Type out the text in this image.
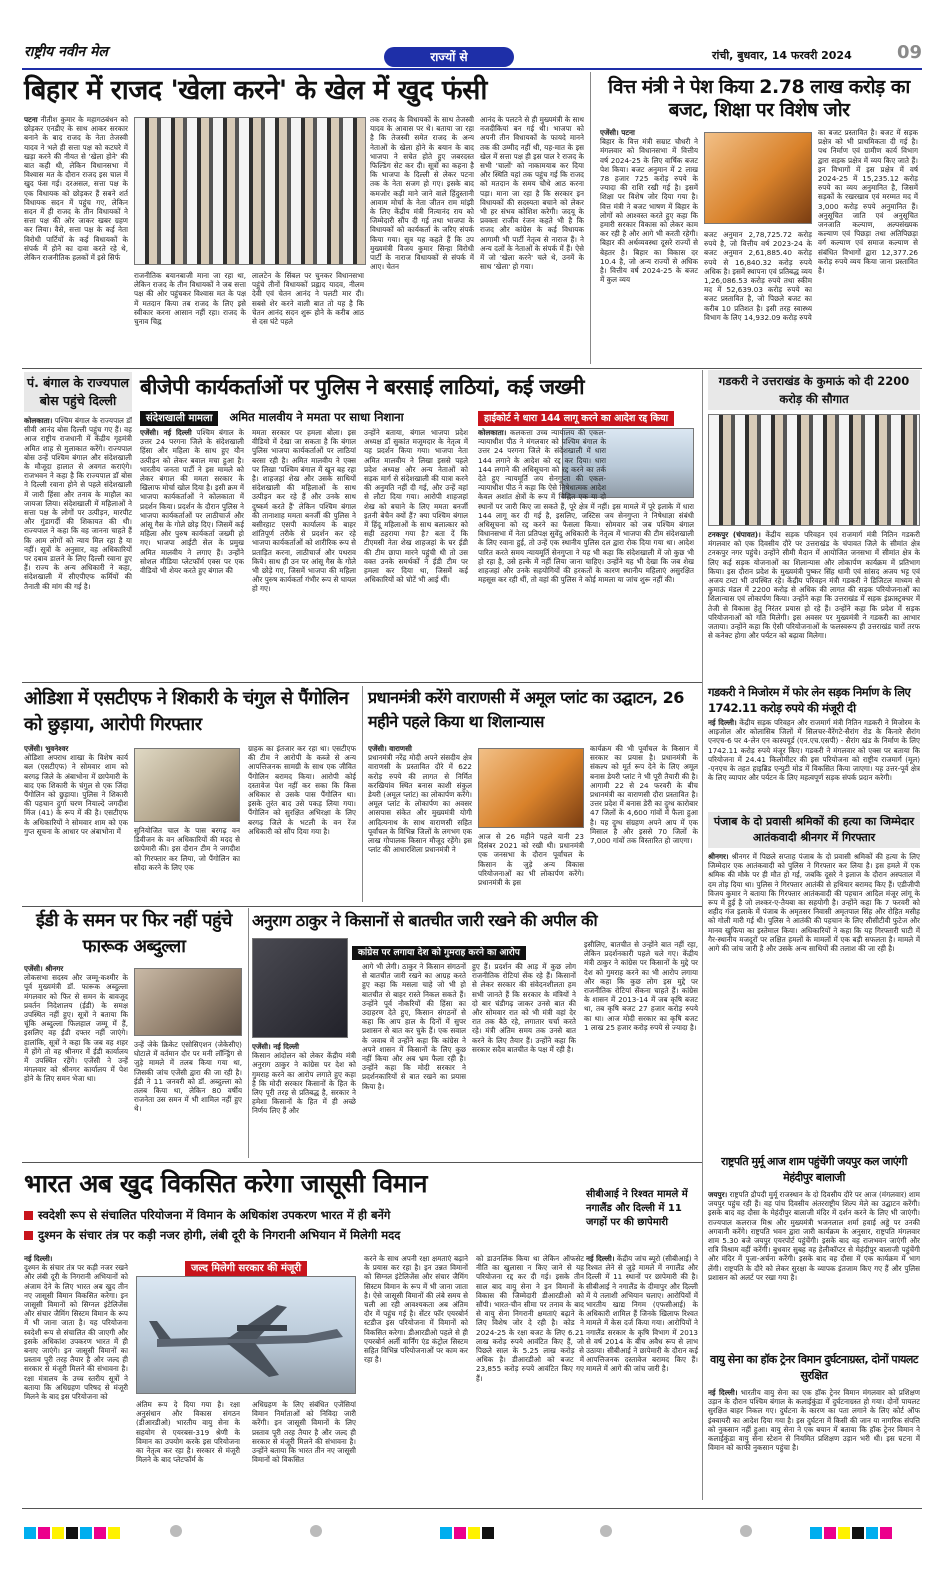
राष्ट्रीय नवीन मेल	राज्यों से	रांची, बुधवार, 14 फरवरी 2024	09
बिहार में राजद 'खेला करने' के खेल में खुद फंसी
पटना नीतीश कुमार के महागठबंधन को छोड़कर एनडीए के साथ आकर सरकार बनाने के बाद राजद के नेता तेजस्वी यादव ने भले ही सत्ता पक्ष को कटघरे में खड़ा करने की नीयत से 'खेला होने' की बात कही थी, लेकिन विधानसभा में विश्वास मत के दौरान राजद इस चाल में खुद फंस गई। दरअसल, सत्ता पक्ष के एक विधायक को छोड़कर हैं सबने शर्त विधायक सदन में पहुंच गए, लेकिन सदन में ही राजद के तीन विधायकों ने सत्ता पक्ष की ओर जाकर खबर ग्रहण कर लिया। वैसे, सत्ता पक्ष के कई नेता विरोधी पार्टियों के कई विधायकों के संपर्क में होने का दावा करते रहे थे, लेकिन राजनीतिक हलकों में इसे सिर्फ
राजनीतिक बयानबाजी माना जा रहा था, लेकिन राजद के तीन विधायकों ने जब सत्ता पक्ष की ओर पहुंचकर विश्वास मत के पक्ष में मतदान किया तब राजद के लिए इसे स्वीकार करना आसान नहीं रहा। राजद के चुनाव चिह्न
लालटेन के सिंबल पर चुनकर विधानसभा पहुंचे तीनों विधायकों प्रह्लाद यादव, नीलम देवी एवं चेतन आनंद ने पलटी मार दी। सबसे शेर करने वाली बात तो यह है कि चेतन आनंद सदन शुरू होने के करीब आठ से दस घंटे पहले
तक राजद के विधायकों के साथ तेजस्वी यादव के आवास पर थे। बताया जा रहा है कि तेजस्वी समेत राजद के अन्य नेताओं के खेला होने के बयान के बाद भाजपा ने सचेत होते हुए जबरदस्त फिल्डिंग सेट कर दी। सूत्रों का कहना है कि भाजपा के दिल्ली से लेकर पटना तक के नेता सजग हो गए। इसके बाद कमजोर कड़ी माने जाने वाले हिंदुस्तानी आवाम मोर्चा के नेता जीतन राम मांझी के लिए केंद्रीय मंत्री नित्यानंद राय को जिम्मेदारी सौंप दी गई तथा भाजपा के विधायकों को कार्यकर्ता के जरिए संपर्क किया गया। सूत्र यह कहते हैं कि उप मुख्यमंत्री विजय कुमार सिन्हा विरोधी पार्टी के नाराज विधायकों से संपर्क में आए। चेतन
आनंद के पलटने से ही मुख्यमंत्री के साथ नजदीकियां बन गई थी। भाजपा को अपनी तीन विधायकों के फायदे मानने तक की उम्मीद नहीं थी, यह-मात के इस खेल में सत्ता पक्ष ही इस पाल रे राजद के सभी 'चालों' को नाकामयाब कर दिया और स्थिति यहां तक पहुंच गई कि राजद को मतदान के समय चौथे आठ करना पड़ा। माना जा रहा है कि सरकार इन विधायकों की सदस्यता बचाने को लेकर भी हर संभव कोशिश करेगी। जदयू के प्रवक्ता राजीव रंजन कहते भी है कि राजद और कांग्रेस के कई विधायक आगामी भी पार्टी नेतृत्व से नाराज हैं। ने अन्य दलों के नेताओं के संपर्क में हैं। ऐसे में जो 'खेला करने' चले थे, उनमें के साथ 'खेला' हो गया।
वित्त मंत्री ने पेश किया 2.78 लाख करोड़ का बजट, शिक्षा पर विशेष जोर
एजेंसी। पटना
बिहार के वित्त मंत्री सम्राट चौधरी ने मंगलवार को विधानसभा में वित्तीय वर्ष 2024-25 के लिए वार्षिक बजट पेश किया। बजट अनुमान में 2 लाख 78 हजार 725 करोड़ रुपये के ज्यादा की राशि रखी गई है। इसमें शिक्षा पर विशेष जोर दिया गया है। वित्त मंत्री ने बजट भाषण में बिहार के लोगों को आश्वस्त करते हुए कहा कि हमारी सरकार विकास को लेकर काम कर रही है और आगे भी करती रहेगी। बिहार की अर्थव्यवस्था दूसरे राज्यों से बेहतर है। बिहार का विकास दर 10.4 है, जो अन्य राज्यों से अधिक है। वित्तीय वर्ष 2024-25 के बजट में कुल व्यय
बजट अनुमान 2,78,725.72 करोड़ रुपये है, जो वित्तीय वर्ष 2023-24 के बजट अनुमान 2,61,885.40 करोड़ रुपये से 16,840.32 करोड़ रुपये अधिक है। इसमें स्थापना एवं प्रतिबद्ध व्यय 1,26,086.53 करोड़ रुपये तथा स्कीम मद में 52,639.03 करोड़ रुपये का बजट प्रस्तावित है, जो पिछले बजट का करीब 10 प्रतिशत है। इसी तरह स्वास्थ्य विभाग के लिए 14,932.09 करोड़ रुपये
का बजट प्रस्तावित है। बजट में सड़क प्रक्षेत्र को भी प्राथमिकता दी गई है। पथ निर्माण एवं ग्रामीण कार्य विभाग द्वारा सड़क प्रक्षेत्र में व्यय किए जाते हैं। इन विभागों में इस प्रक्षेत्र में वर्ष 2024-25 में 15,235.12 करोड़ रुपये का व्यय अनुमानित है, जिसमें सड़कों के रखरखाव एवं मरम्मत मद में 3,000 करोड़ रुपये अनुमानित हैं। अनुसूचित जाति एवं अनुसूचित जनजाति कल्याण, अल्पसंख्यक कल्याण एवं पिछड़ा तथा अतिपिछड़ा वर्ग कल्याण एवं समाज कल्याण से संबंधित विभागों द्वारा 12,377.26 करोड़ रुपये व्यय किया जाना प्रस्तावित है।
पं. बंगाल के राज्यपाल बोस पहुंचे दिल्ली
कोलकाता। पश्चिम बंगाल के राज्यपाल डॉ सीवी आनंद बोस दिल्ली पहुंच गए हैं। वह आज राष्ट्रीय राजधानी में केंद्रीय गृहमंत्री अमित शाह से मुलाकात करेंगे। राज्यपाल बोस उन्हें पश्चिम बंगाल और संदेशखाली के मौजूदा हालात से अवगत कराएंगे। राजभवन ने कहा है कि राज्यपाल डॉ बोस ने दिल्ली रवाना होने से पहले संदेशखाली में जारी हिंसा और तनाव के माहौल का जायजा लिया। संदेशखाली में महिलाओं ने सत्ता पक्ष के लोगों पर उत्पीड़न, मारपीट और गुंडागर्दी की शिकायत की थी। राज्यपाल ने कहा कि वह जानना चाहते हैं कि आम लोगों को न्याय मिल रहा है या नहीं। सूत्रों के अनुसार, वह अधिकारियों पर दबाव डालने के लिए दिल्ली रवाना हुए हैं। राज्य के अन्य अधिकारी ने कहा, संदेशखाली में सीएपीएफ कर्मियों की तैनाती की मांग की गई है।
बीजेपी कार्यकर्ताओं पर पुलिस ने बरसाई लाठियां, कई जख्मी
संदेशखाली मामला अमित मालवीय ने ममता पर साधा निशाना
एजेंसी। नई दिल्ली पश्चिम बंगाल के उत्तर 24 परगना जिले के संदेशखाली हिंसा और महिला के साथ हुए यौन उत्पीड़न को लेकर बवाल मचा हुआ है। भारतीय जनता पार्टी ने इस मामले को लेकर बंगाल की ममता सरकार के खिलाफ मोर्चा खोल दिया है। इसी क्रम में भाजपा कार्यकर्ताओं ने कोलकाता में प्रदर्शन किया। प्रदर्शन के दौरान पुलिस ने भाजपा कार्यकर्ताओं पर लाठीचार्ज और आंसू गैस के गोले छोड़ दिए। जिसमें कई महिला और पुरुष कार्यकर्ता जख्मी हो गए। भाजपा आईटी सेल के प्रमुख अमित मालवीय ने लगाए हैं। उन्होंने सोशल मीडिया प्लेटफॉर्म एक्स पर एक वीडियो भी शेयर करते हुए बंगाल की
ममता सरकार पर हमला बोला। इस वीडियो में देखा जा सकता है कि बंगाल पुलिस भाजपा कार्यकर्ताओं पर लाठियां बरसा रही है। अमित मालवीय ने एक्स पर लिखा 'पश्चिम बंगाल में खून बह रहा है। शाहजहां शेख और उसके साथियों संदेशखाली की महिलाओं के साथ उत्पीड़न कर रहे हैं और उनके साथ दुष्कर्म करते हैं' लेकिन पश्चिम बंगाल की तानाशाह ममता बनर्जी की पुलिस ने बसीरहाट एसपी कार्यालय के बाहर शांतिपूर्ण तरीके से प्रदर्शन कर रहे भाजपा कार्यकर्ताओं को शारीरिक रूप से प्रताड़ित करना, लाठीचार्ज और पथराव किये। साथ ही उन पर आंसू गैस के गोले भी छोड़े गए, जिसमें भाजपा की महिला और पुरुष कार्यकर्ता गंभीर रूप से घायल हो गए।
उन्होंने बताया, बंगाल भाजपा प्रदेश अध्यक्ष डॉ सुकांत मजूमदार के नेतृत्व में यह प्रदर्शन किया गया। भाजपा नेता अमित मालवीय ने लिखा इससे पहले प्रदेश अध्यक्ष और अन्य नेताओं को सड़क मार्ग से संदेशखाली की यात्रा करने की अनुमति नहीं दी गई, और उन्हें वहां से लौटा दिया गया। आरोपी शाहजहां शेख को बचाने के लिए ममता बनर्जी इतनी बेचैन क्यों हैं? क्या पश्चिम बंगाल में हिंदू महिलाओं के साथ बलात्कार को सही ठहराया गया है? बता दें कि टीएमसी नेता शेख शाहजहां के घर ईडी की टीम छापा मारने पहुंची थी तो उस वक्त उनके समर्थकों ने ईडी टीम पर हमला कर दिया था, जिसमें कई अधिकारियों को चोटें भी आई थीं।
हाईकोर्ट ने धारा 144 लागू करने का आदेश रद्द किया
कोलकाता। कलकत्ता उच्च न्यायालय की एकल-न्यायाधीश पीठ ने मंगलवार को पश्चिम बंगाल के उत्तर 24 परगना जिले के संदेशखाली में धारा 144 लगाने के आदेश को रद्द कर दिया। धारा 144 लगाने की अधिसूचना को रद्द करने का तर्क देते हुए न्यायमूर्ति जय सेनगुप्ता की एकल-न्यायाधीश पीठ ने कहा कि ऐसे निषेधात्मक आदेश केवल अशांत क्षेत्रों के रूप में चिह्नित एक या दो स्थानों पर जारी किए जा सकते हैं, पूरे क्षेत्र में नहीं। इस मामले में पूरे इलाके में धारा 144 लागू कर दी गई है, इसलिए, जस्टिस जय सेनगुप्ता ने निषेधाज्ञा संबंधी अधिसूचना को रद्द करने का फैसला किया। सोमवार को जब पश्चिम बंगाल विधानसभा में नेता प्रतिपक्ष सुवेंदु अधिकारी के नेतृत्व में भाजपा की टीम संदेशखाली के लिए रवाना हुई, तो उन्हें एक स्थानीय पुलिस दल द्वारा रोक दिया गया था। आदेश पारित करते समय न्यायमूर्ति सेनगुप्ता ने यह भी कहा कि संदेशखाली में जो कुछ भी हो रहा है, उसे हल्के में नहीं लिया जाना चाहिए। उन्होंने यह भी देखा कि जब शेख शाहजहां और उनके सहयोगियों की हरकतों के कारण स्थानीय महिलाएं असुरक्षित महसूस कर रही थीं, तो वहां की पुलिस ने कोई मामला या जांच शुरू नहीं की।
गडकरी ने उत्तराखंड के कुमाऊं को दी 2200 करोड़ की सौगात
टनकपुर (चंपावत)। केंद्रीय सड़क परिवहन एवं राजमार्ग मंत्री नितिन गडकरी मंगलवार को एक दिवसीय दौरे पर उत्तराखंड के चंपावत जिले के सीमांत क्षेत्र टनकपुर नगर पहुंचे। उन्होंने सीमी मैदान में आयोजित जनसभा में सीमांत क्षेत्र के लिए कई सड़क योजनाओं का शिलान्यास और लोकार्पण कार्यक्रम में प्रतिभाग किया। इस दौरान प्रदेश के मुख्यमंत्री पुष्कर सिंह धामी एवं सांसद अजय भट्ट एवं अजय टम्टा भी उपस्थित रहे। केंद्रीय परिवहन मंत्री गडकरी ने डिजिटल माध्यम से कुमाऊं मंडल में 2200 करोड़ से अधिक की लागत की सड़क परियोजनाओं का शिलान्यास एवं लोकार्पण किया। उन्होंने कहा कि उत्तराखंड में सड़क इंफ्रास्ट्रक्चर में तेजी से विकास हेतु निरंतर प्रयास हो रहे हैं। उन्होंने कहा कि प्रदेश में सड़क परियोजनाओं को गति मिलेगी। इस अवसर पर मुख्यमंत्री ने गडकरी का आभार जताया। उन्होंने कहा कि ऐसी परियोजनाओं के फलस्वरूप ही उत्तराखंड चारों तरफ से कनेक्ट होगा और पर्यटन को बढ़ावा मिलेगा।
ओडिशा में एसटीएफ ने शिकारी के चंगुल से पैंगोलिन को छुड़ाया, आरोपी गिरफ्तार
एजेंसी। भुवनेश्वर
ओडिशा अपराध शाखा के विशेष कार्य बल (एसटीएफ) ने सोमवार शाम को बरगढ़ जिले के अंबाभोना में छापेमारी के बाद एक शिकारी के चंगुल से एक जिंदा पैंगोलिन को छुड़ाया। पुलिस ने शिकारी की पहचान दुर्गा चरण नियाल्दे जगदीश मिंज (41) के रूप में की है। एसटीएफ के अधिकारियों ने सोमवार शाम को एक गुप्त सूचना के आधार पर अंबाभोना में	सुनियोजित चाल के पास बरगढ़ वन डिवीजन के वन अधिकारियों की मदद से छापेमारी की। इस दौरान टीम ने जगदीश को गिरफ्तार कर लिया, जो पैंगोलिन का सौदा करने के लिए एक
ग्राहक का इंतजार कर रहा था। एसटीएफ की टीम ने आरोपी के कब्जे से अन्य आपत्तिजनक सामग्री के साथ एक जीवित पैंगोलिन बरामद किया। आरोपी कोई दस्तावेज पेश नहीं कर सका कि किस अधिकार से उसके पास पैंगोलिन था। इसके तुरंत बाद उसे पकड़ लिया गया। पैंगोलिन को सुरक्षित अभिरक्षा के लिए बरगढ़ जिले के भटली के वन रेंज अधिकारी को सौंप दिया गया है।
प्रधानमंत्री करेंगे वाराणसी में अमूल प्लांट का उद्घाटन, 26 महीने पहले किया था शिलान्यास
एजेंसी। वाराणसी
प्रधानमंत्री नरेंद्र मोदी अपने संसदीय क्षेत्र वाराणसी के प्रस्तावित दौरे में 622 करोड़ रुपये की लागत से निर्मित करखियांव स्थित बनास काशी संकुल डेयरी (अमूल प्लांट) का लोकार्पण करेंगे। अमूल प्लांट के लोकार्पण का अवसर आसपास संकेत और मुख्यमंत्री योगी आदित्यनाथ के साथ वाराणसी सहित पूर्वांचल के विभिन्न जिलों के लगभग एक लाख गोपालक किसान मौजूद रहेंगे। इस प्लांट की आधारशिला प्रधानमंत्री ने
आज से 26 महीने पहले यानी 23 दिसंबर 2021 को रखी थी। प्रधानमंत्री एक जनसभा के दौरान पूर्वांचल के किसान के जुड़े अन्य विकास परियोजनाओं का भी लोकार्पण करेंगे। प्रधानमंत्री के इस
कार्यक्रम की भी पूर्वांचल के किसान में सरकार का प्रयास है। प्रधानमंत्री के संकल्प को मूर्त रूप देने के लिए अमूल बनास डेयरी प्लांट ने भी पूरी तैयारी की है। आगामी 22 से 24 फरवरी के बीच प्रधानमंत्री का वाराणसी दौरा प्रस्तावित है। उत्तर प्रदेश में बनास डेरी का दुग्ध कारोबार 47 जिलों के 4,600 गांवों में फैला हुआ है। यह दुग्ध संग्रहण अपने आप में एक मिसाल है और इससे 70 जिलों के 7,000 गांवों तक विस्तारित हो जाएगा।
गडकरी ने मिजोरम में फोर लेन सड़क निर्माण के लिए 1742.11 करोड़ रुपये की मंजूरी दी
नई दिल्ली। केंद्रीय सड़क परिवहन और राजमार्ग मंत्री नितिन गडकरी ने मिजोरम के आइजोल और कोलासिब जिलों में सिलचर-वैरेंगटे-सैरांग रोड के किनारे सैरांग एनएच-6 पर 4-लेन एन कास्पयूर्ड (एन.एच.एसपी) - सैरांग खंड के निर्माण के लिए 1742.11 करोड़ रुपये मंजूर किए। गडकरी ने मंगलवार को एक्स पर बताया कि परियोजना में 24.41 किलोमीटर की इस परियोजना को राष्ट्रीय राजमार्ग (मूल) -एनएच के तहत हाइब्रिड एन्युटी मोड में विकसित किया जाएगा। यह उत्तर-पूर्व क्षेत्र के लिए व्यापार और पर्यटन के लिए महत्वपूर्ण सड़क संपर्क प्रदान करेगी।
पंजाब के दो प्रवासी श्रमिकों की हत्या का जिम्मेदार आतंकवादी श्रीनगर में गिरफ्तार
श्रीनगर। श्रीनगर में पिछले सप्ताह पंजाब के दो प्रवासी श्रमिकों की हत्या के लिए जिम्मेदार एक आतंकवादी को पुलिस ने गिरफ्तार कर लिया है। इस हमले में एक श्रमिक की मौके पर ही मौत हो गई, जबकि दूसरे ने इलाज के दौरान अस्पताल में दम तोड़ दिया था। पुलिस ने गिरफ्तार आतंकी से हथियार बरामद किए हैं। एडीजीपी विजय कुमार ने बताया कि गिरफ्तार आतंकवादी की पहचान आदिल मंजूर लांगू के रूप में हुई है जो लश्कर-ए-तैयबा का सहयोगी है। उन्होंने कहा कि 7 फरवरी को शहीद गंज इलाके में पंजाब के अमृतसर निवासी अमृतपाल सिंह और रोहित मसीह को गोली मारी गई थी। पुलिस ने आतंकी की पहचान के लिए सीसीटीवी फुटेज और मानव खुफिया का इस्तेमाल किया। अधिकारियों ने कहा कि यह गिरफ्तारी घाटी में गैर-स्थानीय मजदूरों पर लक्षित हमलों के मामलों में एक बड़ी सफलता है। मामले में आगे की जांच जारी है और उसके अन्य साथियों की तलाश की जा रही है।
ईडी के समन पर फिर नहीं पहुंचे फारूक अब्दुल्ला
एजेंसी। श्रीनगर
लोकसभा सदस्य और जम्मू-कश्मीर के पूर्व मुख्यमंत्री डॉ. फारूक अब्दुल्ला मंगलवार को फिर से समन के बावजूद प्रवर्तन निदेशालय (ईडी) के समक्ष उपस्थित नहीं हुए। सूत्रों ने बताया कि चूंकि अब्दुल्ला फिलहाल जम्मू में हैं, इसलिए वह ईडी दफ्तर नहीं जाएंगे। हालांकि, सूत्रों ने कहा कि जब वह शहर में होंगे तो वह श्रीनगर में ईडी कार्यालय में उपस्थित रहेंगे। एजेंसी ने उन्हें मंगलवार को श्रीनगर कार्यालय में पेश होने के लिए समन भेजा था।
उन्हें जेके क्रिकेट एसोसिएशन (जेकेसीए) घोटाले में वर्तमान दौर पर मनी लॉन्ड्रिंग से जुड़े मामले में तलब किया गया था, जिसकी जांच एजेंसी द्वारा की जा रही है। ईडी ने 11 जनवरी को डॉ. अब्दुल्ला को तलब किया था, लेकिन 80 वर्षीय राजनेता उस समन में भी शामिल नहीं हुए थे।
अनुराग ठाकुर ने किसानों से बातचीत जारी रखने की अपील की
कांग्रेस पर लगाया देश को गुमराह करने का आरोप
एजेंसी। नई दिल्ली
किसान आंदोलन को लेकर केंद्रीय मंत्री अनुराग ठाकुर ने कांग्रेस पर देश को गुमराह करने का आरोप लगाते हुए कहा है कि मोदी सरकार किसानों के हित के लिए पूरी तरह से प्रतिबद्ध है, सरकार ने हमेशा किसानों के हित में ही अच्छे निर्णय लिए हैं और
आगे भी लेगी। ठाकुर ने किसान संगठनों से बातचीत जारी रखने का आग्रह करते हुए कहा कि मसला चाहे जो भी हो बातचीत से बाहर रास्ते निकल सकते हैं। उन्होंने पूर्व नौकरियों की हिंसा का उदाहरण देते हुए, किसान संगठनों से कहा कि आप हाल के दिनों में सुपर प्रशासन से बात कर चुके हैं। एक सवाल के जवाब में उन्होंने कहा कि कांग्रेस ने अपने शासन में किसानों के लिए कुछ नहीं किया और अब भ्रम फैला रही है। उन्होंने कहा कि मोदी सरकार ने प्रदर्शनकारियों से बात रखने का प्रयास किया है।
हुए हैं। प्रदर्शन की आड़ में कुछ लोग राजनीतिक रोटियां सेंक रहे हैं। किसानों से लेकर सरकार की संवेदनशीलता हम सभी जानते हैं कि सरकार के मंत्रियों ने दो बार चंडीगढ़ जाकर उनसे बात की और सोमवार रात को भी मंत्री वहां देर रात तक बैठे रहे, लगातार चर्चा करते रहे। मंत्री अंतिम समय तक उनसे बात करने के लिए तैयार हैं। उन्होंने कहा कि सरकार सदैव बातचीत के पक्ष में रही है।
इसीलिए, बातचीत से उन्होंने बात नहीं रहा, लेकिन प्रदर्शनकारी पहले चले गए। केंद्रीय मंत्री ठाकुर ने कांग्रेस पर किसानों के मुद्दे पर देश को गुमराह करने का भी आरोप लगाया और कहा कि कुछ लोग इस मुद्दे पर राजनीतिक रोटियां सेंकना चाहते हैं। कांग्रेस के शासन में 2013-14 में जब कृषि बजट था, तब कृषि बजट 27 हजार करोड़ रुपये का था। आज मोदी सरकार का कृषि बजट 1 लाख 25 हजार करोड़ रुपये से ज्यादा है।
राष्ट्रपति मुर्मू आज शाम पहुंचेंगी जयपुर कल जाएंगी मेहंदीपुर बालाजी
जयपुर। राष्ट्रपति द्रौपदी मुर्मू राजस्थान के दो दिवसीय दौरे पर आज (मंगलवार) शाम जयपुर पहुंच रही हैं। वह पांच दिवसीय अंतरराष्ट्रीय शिल्प मेले का उद्घाटन करेंगी। इसके बाद वह दौसा के मेहंदीपुर बालाजी मंदिर में दर्शन करने के लिए भी जाएंगी। राज्यपाल कलराज मिश्र और मुख्यमंत्री भजनलाल शर्मा हवाई अड्डे पर उनकी अगवानी करेंगे। राष्ट्रपति भवन द्वारा जारी कार्यक्रम के अनुसार, राष्ट्रपति मंगलवार शाम 5.30 बजे जयपुर एयरपोर्ट पहुंचेंगी। इसके बाद वह राजभवन जाएंगी और रात्रि विश्राम वहीं करेंगी। बुधवार सुबह वह हेलीकॉप्टर से मेहंदीपुर बालाजी पहुंचेंगी और मंदिर में पूजा-अर्चना करेंगी। इसके बाद वह दौसा में एक कार्यक्रम में भाग लेंगी। राष्ट्रपति के दौरे को लेकर सुरक्षा के व्यापक इंतजाम किए गए हैं और पुलिस प्रशासन को अलर्ट पर रखा गया है।
वायु सेना का हॉक ट्रेनर विमान दुर्घटनाग्रस्त, दोनों पायलट सुरक्षित
नई दिल्ली। भारतीय वायु सेना का एक हॉक ट्रेनर विमान मंगलवार को प्रशिक्षण उड़ान के दौरान पश्चिम बंगाल के कलाईकुंडा में दुर्घटनाग्रस्त हो गया। दोनों पायलट सुरक्षित बाहर निकल गए। दुर्घटना के कारण का पता लगाने के लिए कोर्ट ऑफ इंक्वायरी का आदेश दिया गया है। इस दुर्घटना में किसी की जान या नागरिक संपत्ति को नुकसान नहीं हुआ। वायु सेना ने एक बयान में बताया कि हॉक ट्रेनर विमान ने कलाईकुंडा वायु सेना स्टेशन से नियमित प्रशिक्षण उड़ान भरी थी। इस घटना में विमान को काफी नुकसान पहुंचा है।
भारत अब खुद विकसित करेगा जासूसी विमान
स्वदेशी रूप से संचालित परियोजना में विमान के अधिकांश उपकरण भारत में ही बनेंगे
दुश्मन के संचार तंत्र पर कड़ी नजर होगी, लंबी दूरी के निगरानी अभियान में मिलेगी मदद
सीबीआई ने रिश्वत मामले में नगालैंड और दिल्ली में 11 जगहों पर की छापेमारी
नई दिल्ली।
दुश्मन के संचार तंत्र पर कड़ी नजर रखने और लंबी दूरी के निगरानी अभियानों को अंजाम देने के लिए भारत अब खुद तीन नए जासूसी विमान विकसित करेगा। इन जासूसी विमानों को सिग्नल इंटेलिजेंस और संचार जैमिंग सिस्टम विमान के रूप में भी जाना जाता है। यह परियोजना स्वदेशी रूप से संचालित की जाएगी और इसके अधिकांश उपकरण भारत में ही बनाए जाएंगे। इन जासूसी विमानों का प्रस्ताव पूरी तरह तैयार है और जल्द ही सरकार से मंजूरी मिलने की संभावना है। रक्षा मंत्रालय के उच्च स्तरीय सूत्रों ने बताया कि अधिग्रहण परिषद से मंजूरी मिलने के बाद इस परियोजना को
जल्द मिलेगी सरकार की मंजूरी
अंतिम रूप दे दिया गया है। रक्षा अनुसंधान और विकास संगठन (डीआरडीओ) भारतीय वायु सेना के सहयोग से एयरबस-319 श्रेणी के विमान का उपयोग करके इस परियोजना का नेतृत्व कर रहा है। सरकार से मंजूरी मिलने के बाद प्लेटफॉर्म के
अधिग्रहण के लिए संबंधित एजेंसियां विमान निर्माताओं को निविदा जारी करेंगी। इन जासूसी विमानों के लिए प्रस्ताव पूरी तरह तैयार है और जल्द ही सरकार से मंजूरी मिलने की संभावना है। उन्होंने बताया कि भारत तीन नए जासूसी विमानों को विकसित
करने के साथ अपनी रक्षा क्षमताएं बढ़ाने के प्रयास कर रहा है। इन उन्नत विमानों को सिग्नल इंटेलिजेंस और संचार जैमिंग सिस्टम विमान के रूप में भी जाना जाता है। ऐसे जासूसी विमानों की लंबे समय से चली आ रही आवश्यकता अब अंतिम दौर में पहुंच गई है। सेंटर फॉर एयरबोर्न स्टडीज इस परियोजना में विमानों को विकसित करेगा। डीआरडीओ पहले से ही एयरबोर्न अर्ली वार्निंग एंड कंट्रोल सिस्टम सहित विभिन्न परियोजनाओं पर काम कर रहा है।
को डाउनलिंक किया था लेकिन ऑफसेट नीति का खुलासा न किए जाने से यह परियोजना रद्द कर दी गई। इसके तीन साल बाद वायु सेना ने इन विमानों के विकास की जिम्मेदारी डीआरडीओ को सौंपी। भारत-चीन सीमा पर तनाव के बाद से वायु सेना निगरानी क्षमताएं बढ़ाने के लिए विशेष जोर दे रही है। कोड ने 2024-25 के रक्षा बजट के लिए 6.21 लाख करोड़ रुपये आवंटित किए हैं, जो पिछले साल के 5.25 लाख करोड़ से अधिक है। डीआरडीओ को बजट में 23,855 करोड़ रुपये आवंटित किए गए हैं।
नई दिल्ली। केंद्रीय जांच ब्यूरो (सीबीआई) ने रिश्वत लेने से जुड़े मामले में नगालैंड और दिल्ली में 11 स्थानों पर छापेमारी की है। सीबीआई ने नगालैंड के दीमापुर और दिल्ली में ये तलाशी अभियान चलाए। आरोपियों में भारतीय खाद्य निगम (एफसीआई) के अधिकारी शामिल हैं जिनके खिलाफ रिश्वत मामले में केस दर्ज किया गया। आरोपियों ने नगालैंड सरकार के कृषि विभाग में 2013 से वर्ष 2014 के बीच अवैध रूप से लाभ उठाया। सीबीआई ने छापेमारी के दौरान कई आपत्तिजनक दस्तावेज बरामद किए हैं। मामले में आगे की जांच जारी है।
